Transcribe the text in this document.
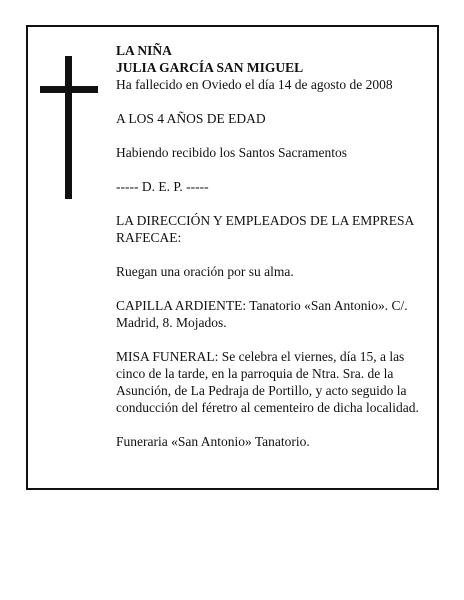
LA NIÑA

JULIA GARCÍA SAN MIGUEL

Ha fallecido en Oviedo el día 14 de agosto de 2008

A LOS 4 AÑOS DE EDAD

Habiendo recibido los Santos Sacramentos

----- D. E. P. -----

LA DIRECCIÓN Y EMPLEADOS DE LA EMPRESA RAFECAE:

Ruegan una oración por su alma.

CAPILLA ARDIENTE: Tanatorio «San Antonio». C/. Madrid, 8. Mojados.

MISA FUNERAL: Se celebra el viernes, día 15, a las cinco de la tarde, en la parroquia de Ntra. Sra. de la Asunción, de La Pedraja de Portillo, y acto seguido la conducción del féretro al cementeiro de dicha localidad.

Funeraria «San Antonio» Tanatorio.
